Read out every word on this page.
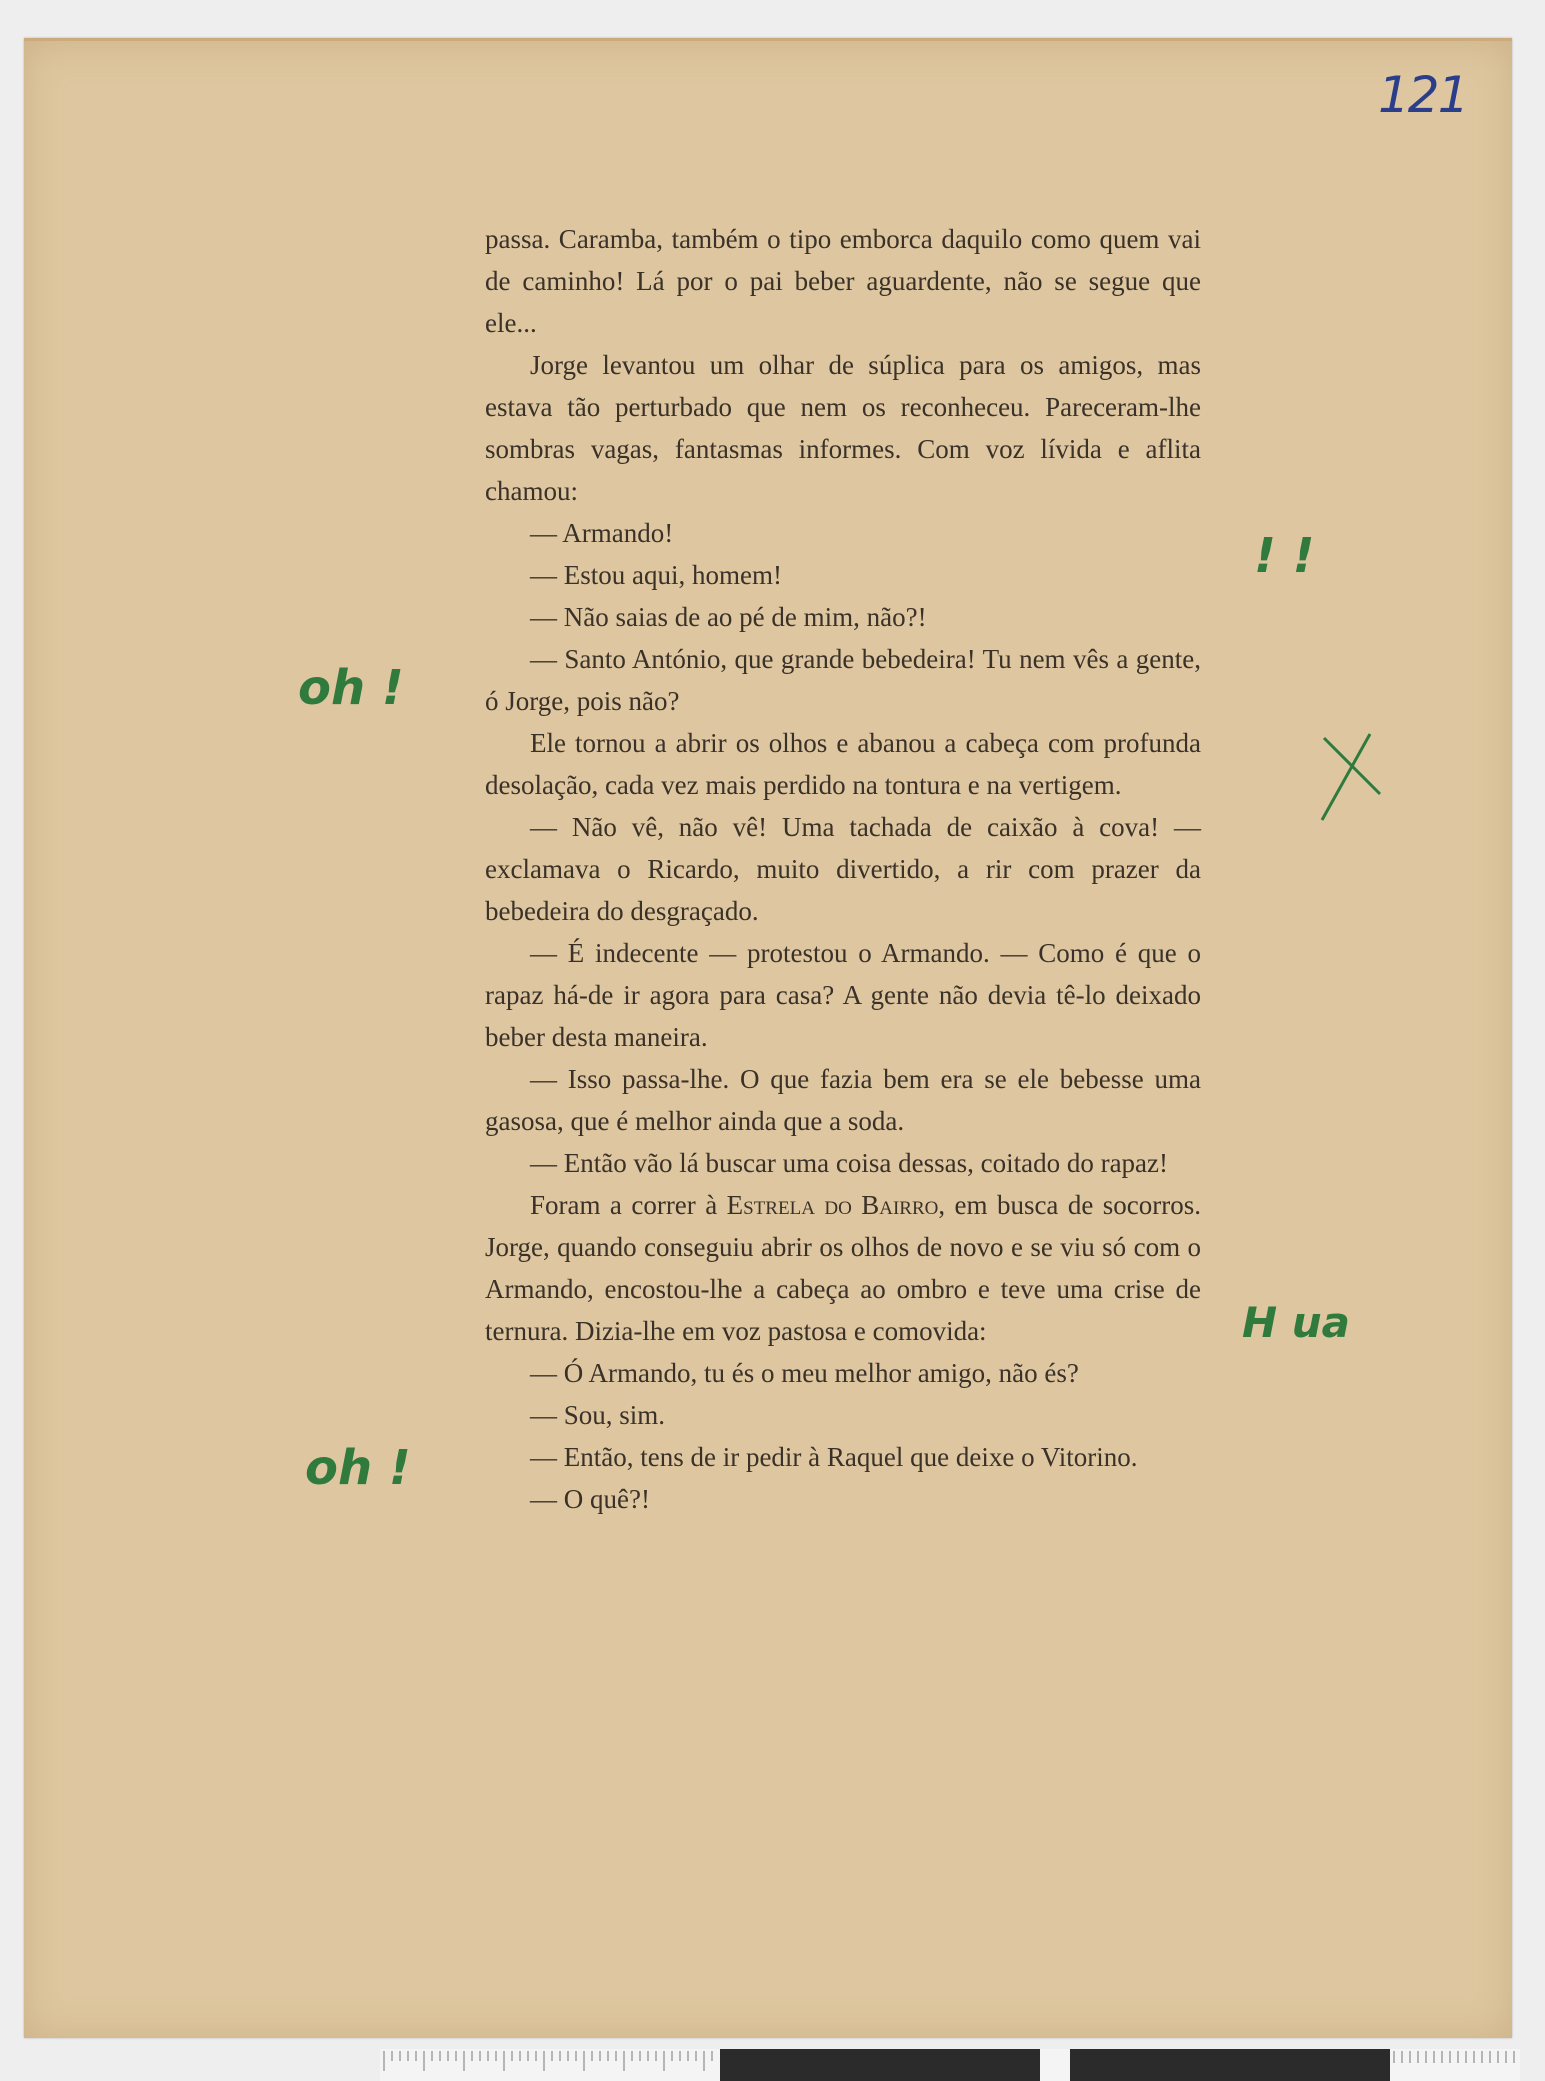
121

passa. Caramba, também o tipo emborca daquilo como quem vai de caminho! Lá por o pai beber aguardente, não se segue que ele...

Jorge levantou um olhar de súplica para os amigos, mas estava tão perturbado que nem os reconheceu. Pareceram-lhe sombras vagas, fantasmas informes. Com voz lívida e aflita chamou:

— Armando!

— Estou aqui, homem!

— Não saias de ao pé de mim, não?!

— Santo António, que grande bebedeira! Tu nem vês a gente, ó Jorge, pois não?

Ele tornou a abrir os olhos e abanou a cabeça com profunda desolação, cada vez mais perdido na tontura e na vertigem.

— Não vê, não vê! Uma tachada de caixão à cova! — exclamava o Ricardo, muito divertido, a rir com prazer da bebedeira do desgraçado.

— É indecente — protestou o Armando. — Como é que o rapaz há-de ir agora para casa? A gente não devia tê-lo deixado beber desta maneira.

— Isso passa-lhe. O que fazia bem era se ele bebesse uma gasosa, que é melhor ainda que a soda.

— Então vão lá buscar uma coisa dessas, coitado do rapaz!

Foram a correr à Estrela do Bairro, em busca de socorros. Jorge, quando conseguiu abrir os olhos de novo e se viu só com o Armando, encostou-lhe a cabeça ao ombro e teve uma crise de ternura. Dizia-lhe em voz pastosa e comovida:

— Ó Armando, tu és o meu melhor amigo, não és?

— Sou, sim.

— Então, tens de ir pedir à Raquel que deixe o Vitorino.

— O quê?!

oh !
! !
oh !
H ua
